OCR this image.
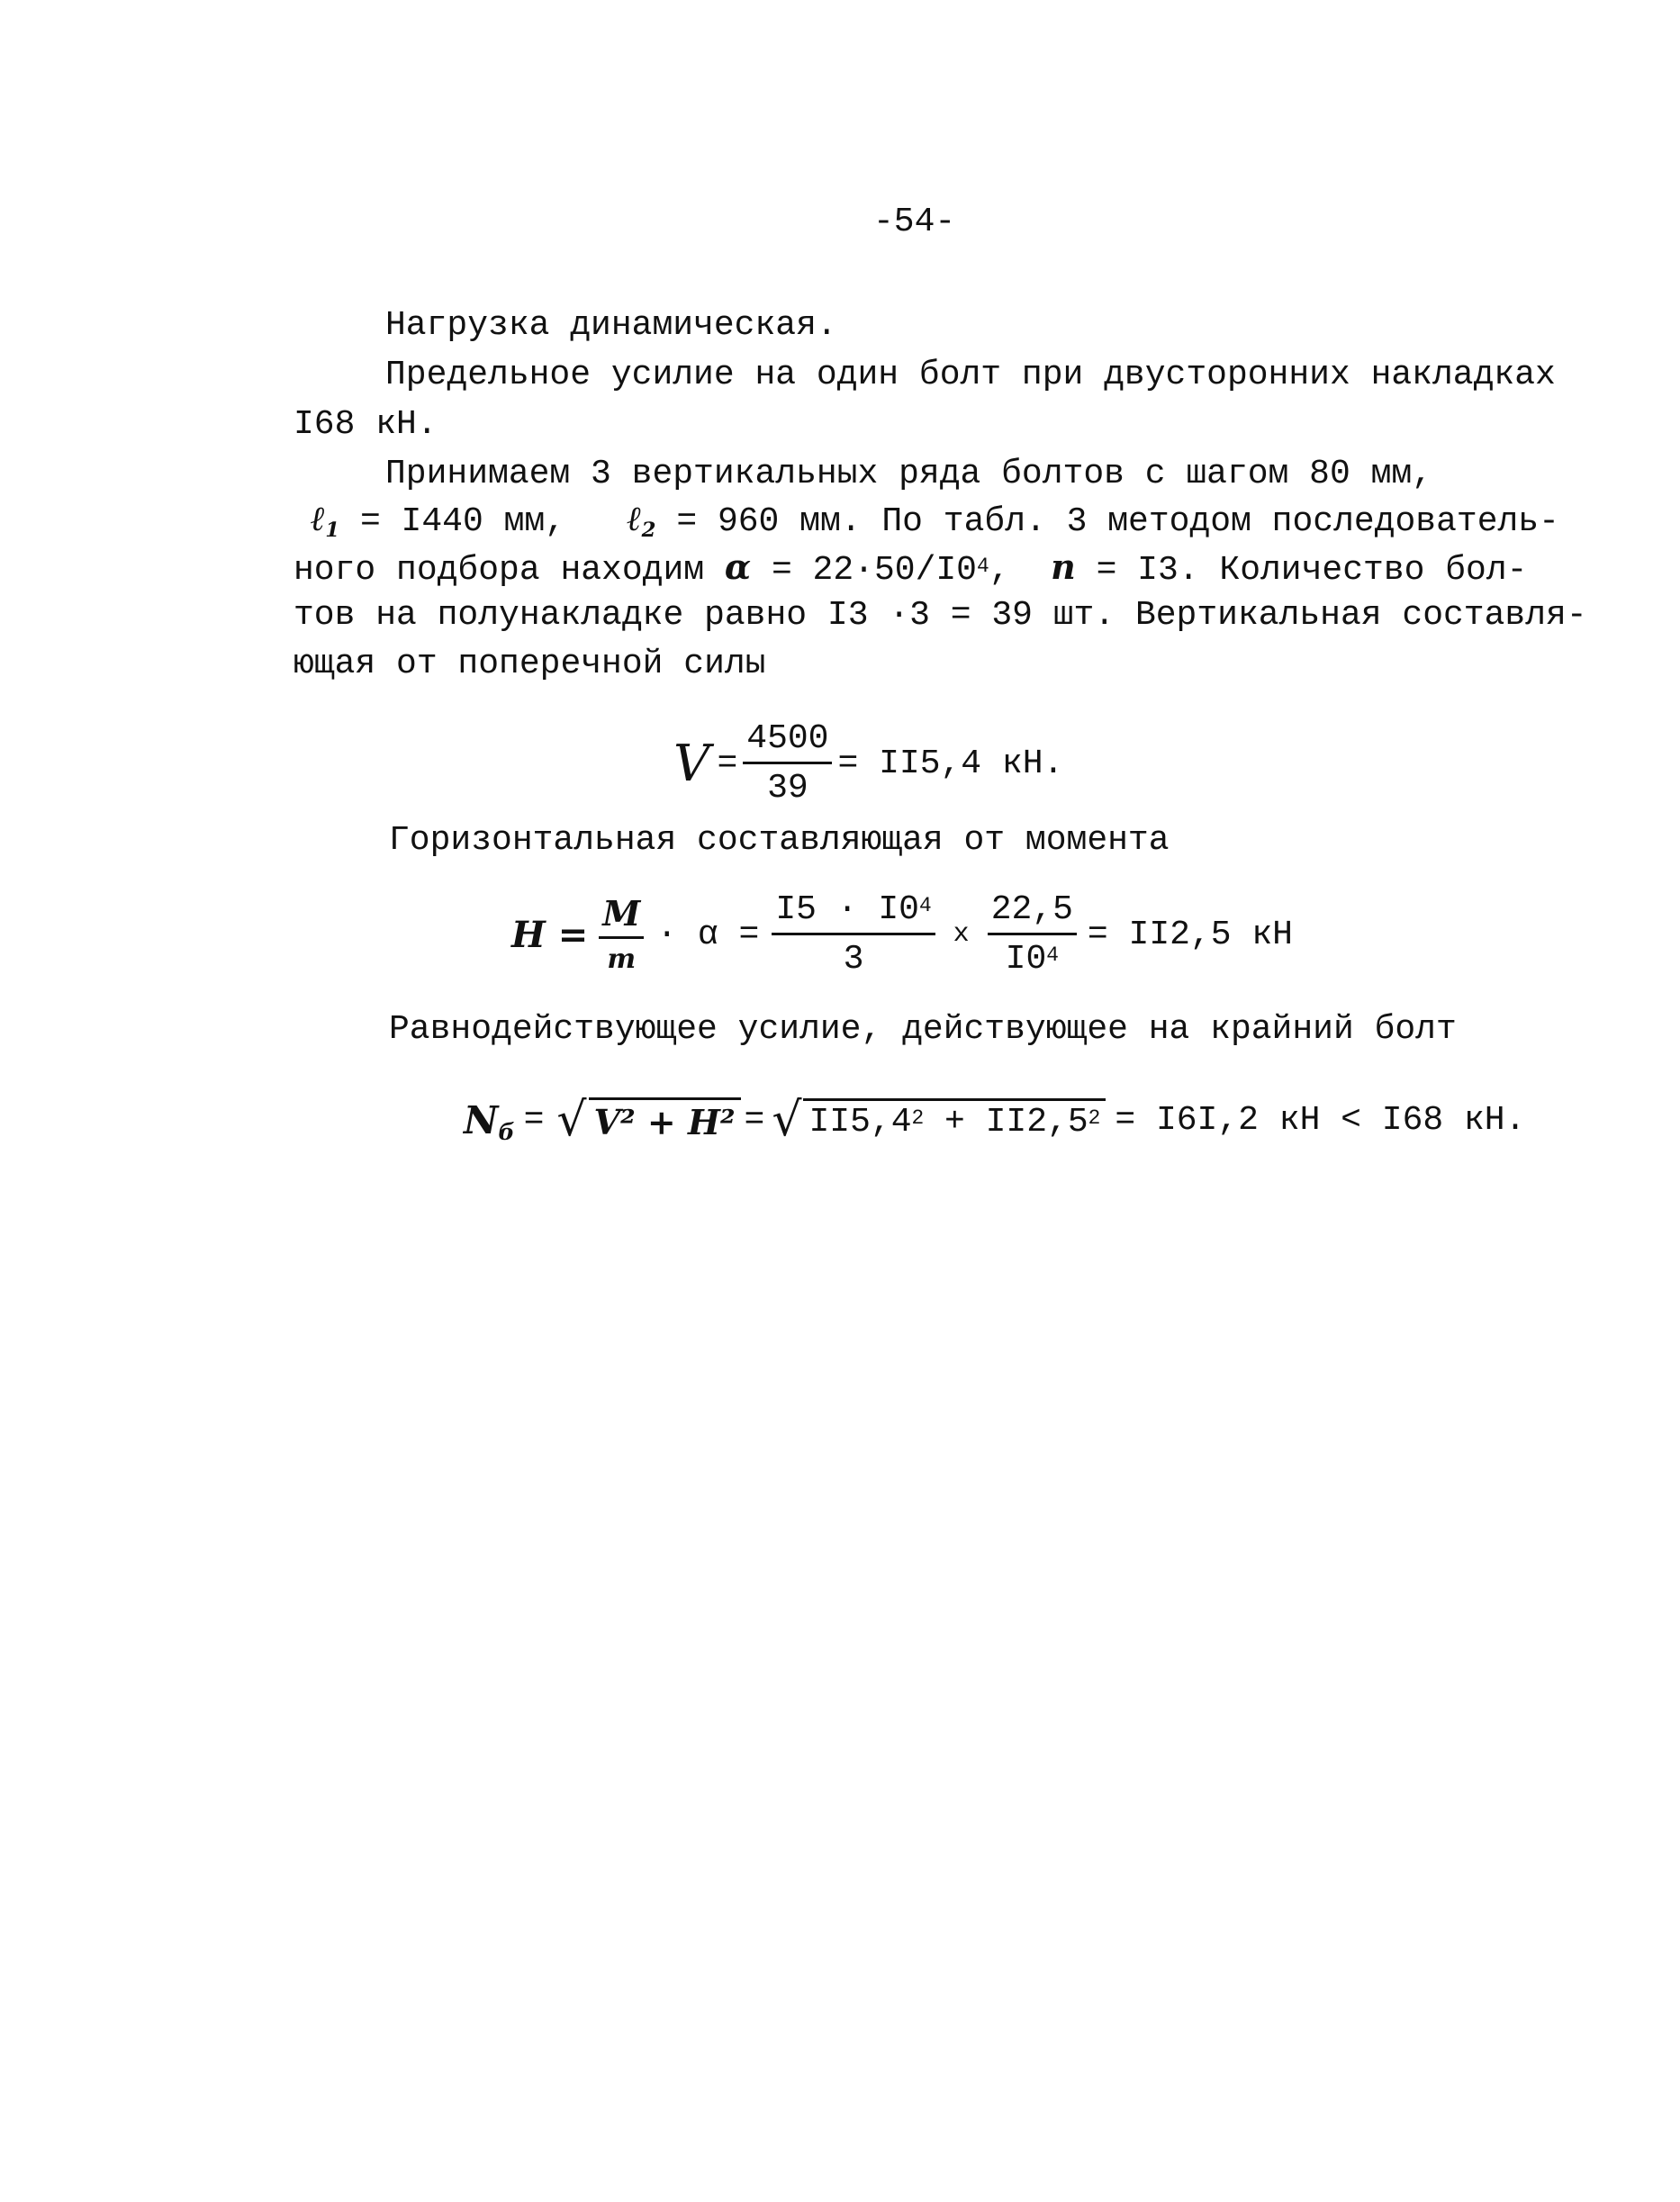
-54-
Нагрузка динамическая.
Предельное усилие на один болт при двусторонних накладках
I68 кН.
Принимаем 3 вертикальных ряда болтов с шагом 80 мм,
ℓ$_1$ = I440 мм, ℓ$_2$ = 960 мм. По табл. 3 методом последователь-
ного подбора находим $\alpha = 22\cdot 50/I0^4$,  n = I3. Количество бол-
тов на полунакладке равно I3 ·3 = 39 шт. Вертикальная составля-
ющая от поперечной силы
$V = \frac{4500}{39} = II5,4$ кН.
Горизонтальная составляющая от момента
$H = \frac{M}{m} \cdot \alpha = \frac{I5 \cdot I0^4}{3}$ x $\frac{22,5}{I0^4} = II2,5$ кН
Равнодействующее усилие, действующее на крайний болт
$N_б$ = √ V² + H² = √ $II5,4^2 + II2,5^2 = I6I,2$ кН < I68 кН.
